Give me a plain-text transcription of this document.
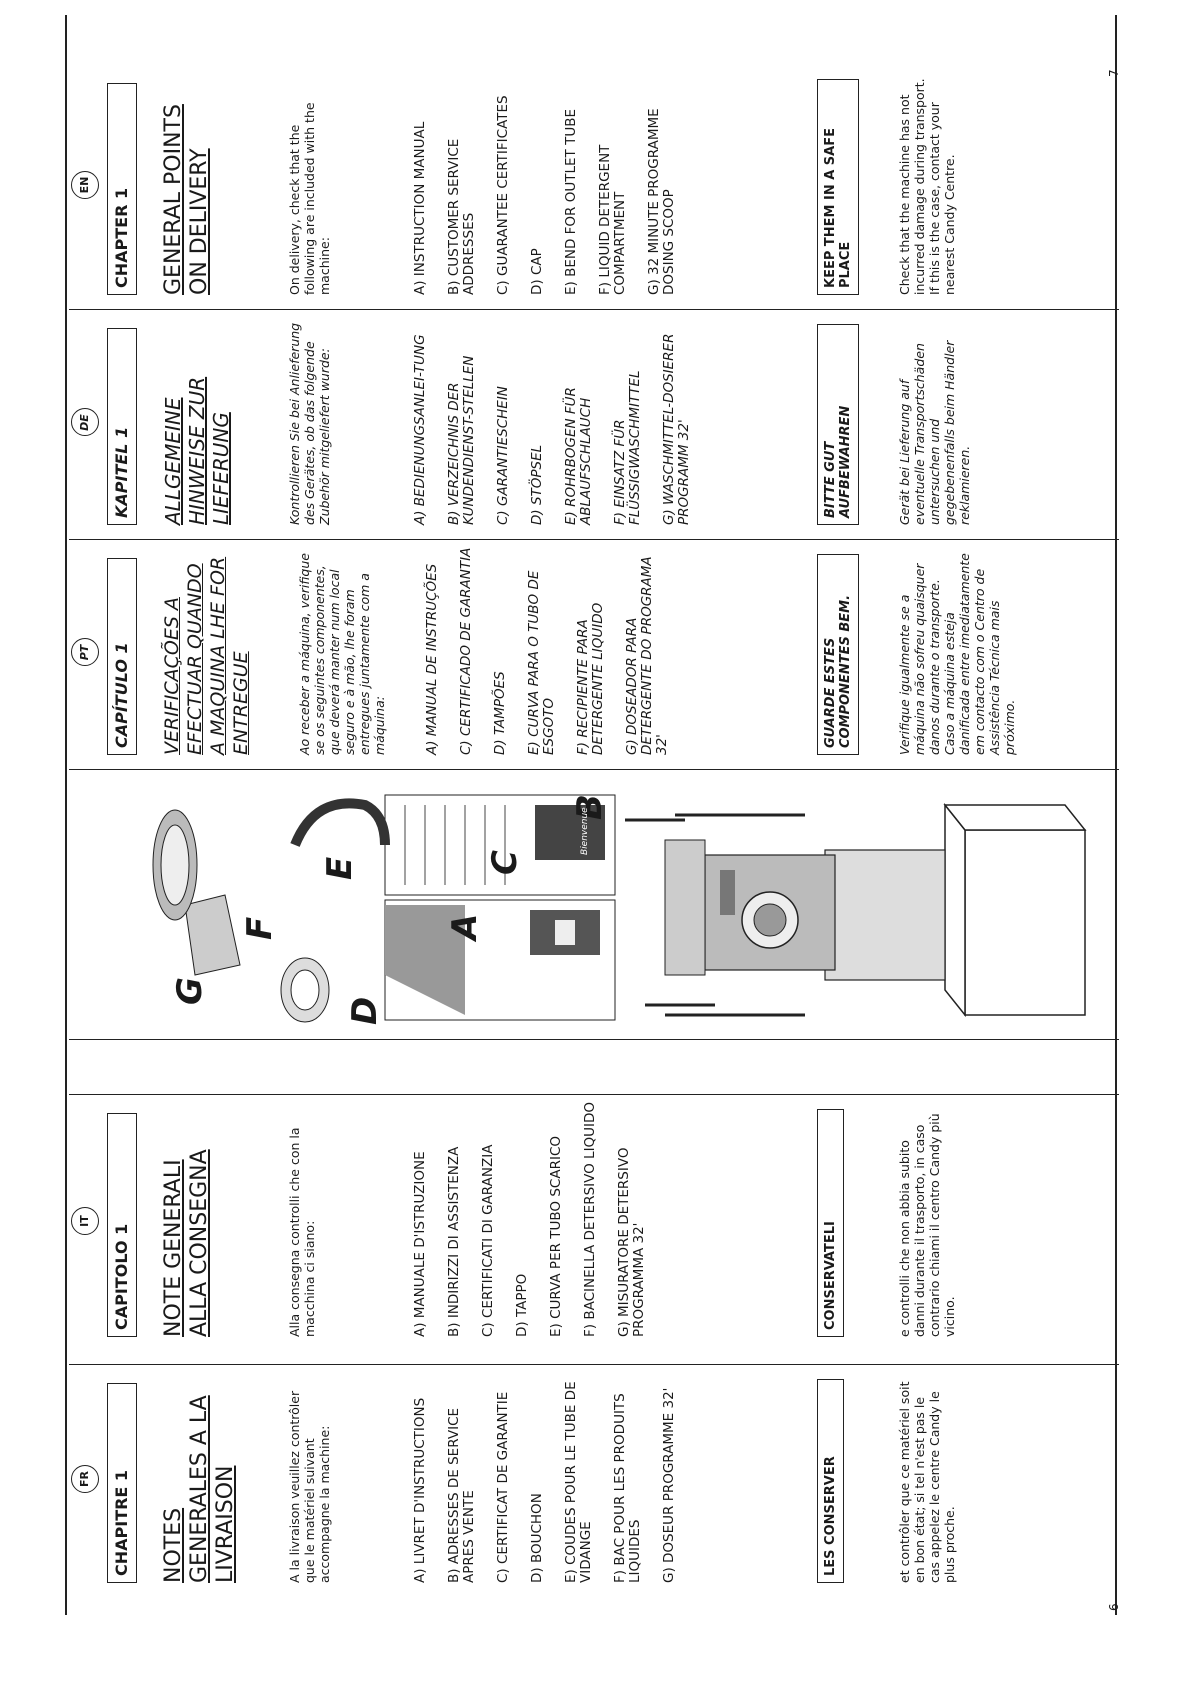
FR	CHAPITRE 1 NOTES GENERALES A LA LIVRAISON	A la livraison veuillez contrôler que le matériel suivant accompagne la machine:	A) LIVRET D'INSTRUCTIONS B) ADRESSES DE SERVICE APRES VENTE C) CERTIFICAT DE GARANTIE D) BOUCHON E) COUDES POUR LE TUBE DE VIDANGE F) BAC POUR LES PRODUITS LIQUIDES G) DOSEUR PROGRAMME 32'	LES CONSERVER	et contrôler que ce matériel soit en bon état; si tel n'est pas le cas appelez le centre Candy le plus proche.
IT
CAPITOLO 1 NOTE GENERALI ALLA CONSEGNA	Alla consegna controlli che con la macchina ci siano:	A) MANUALE D'ISTRUZIONE B) INDIRIZZI DI ASSISTENZA C) CERTIFICATI DI GARANZIA D) TAPPO E) CURVA PER TUBO SCARICO F) BACINELLA DETERSIVO LIQUIDO G) MISURATORE DETERSIVO PROGRAMMA 32'	CONSERVATELI	e controlli che non abbia subito danni durante il trasporto, in caso contrario chiami il centro Candy più vicino.
A
B
C
D
E
F
G
Bienvenue
PT	CAPÍTULO 1	VERIFICAÇÕES A EFECTUAR QUANDO A MAQUINA LHE FOR ENTREGUE	Ao receber a máquina, verifique se os seguintes componentes, que deverá manter num local seguro e à mão, lhe foram entregues juntamente com a máquina:	A) MANUAL DE INSTRUÇÕES C) CERTIFICADO DE GARANTIA D) TAMPÕES E) CURVA PARA O TUBO DE ESGOTO F) RECIPIENTE PARA DETERGENTE LIQUIDO G) DOSEADOR PARA DETERGENTE DO PROGRAMA 32'	GUARDE ESTES COMPONENTES BEM.	Verifique igualmente se a máquina não sofreu quaisquer danos durante o transporte. Caso a máquina esteja danificada entre imediatamente em contacto com o Centro de Assistência Técnica mais próximo.
DE
KAPITEL 1	ALLGEMEINE HINWEISE ZUR LIEFERUNG	Kontrollieren Sie bei Anlieferung des Gerätes, ob das folgende Zubehör mitgeliefert wurde:	A) BEDIENUNGSANLEI-TUNG B) VERZEICHNIS DER KUNDENDIENST-STELLEN C) GARANTIESCHEIN D) STÖPSEL E) ROHRBOGEN FÜR ABLAUFSCHLAUCH F) EINSATZ FÜR FLÜSSIGWASCHMITTEL G) WASCHMITTEL-DOSIERER PROGRAMM 32'	BITTE GUT AUFBEWAHREN	Gerät bei Lieferung auf eventuelle Transportschäden untersuchen und gegebenenfalls beim Händler reklamieren.
EN
CHAPTER 1 GENERAL POINTS ON DELIVERY	On delivery, check that the following are included with the machine:	A) INSTRUCTION MANUAL B) CUSTOMER SERVICE ADDRESSES C) GUARANTEE CERTIFICATES D) CAP E) BEND FOR OUTLET TUBE F) LIQUID DETERGENT COMPARTMENT G) 32 MINUTE PROGRAMME DOSING SCOOP	KEEP THEM IN A SAFE PLACE	Check that the machine has not incurred damage during transport. If this is the case, contact your nearest Candy Centre.
6
7
